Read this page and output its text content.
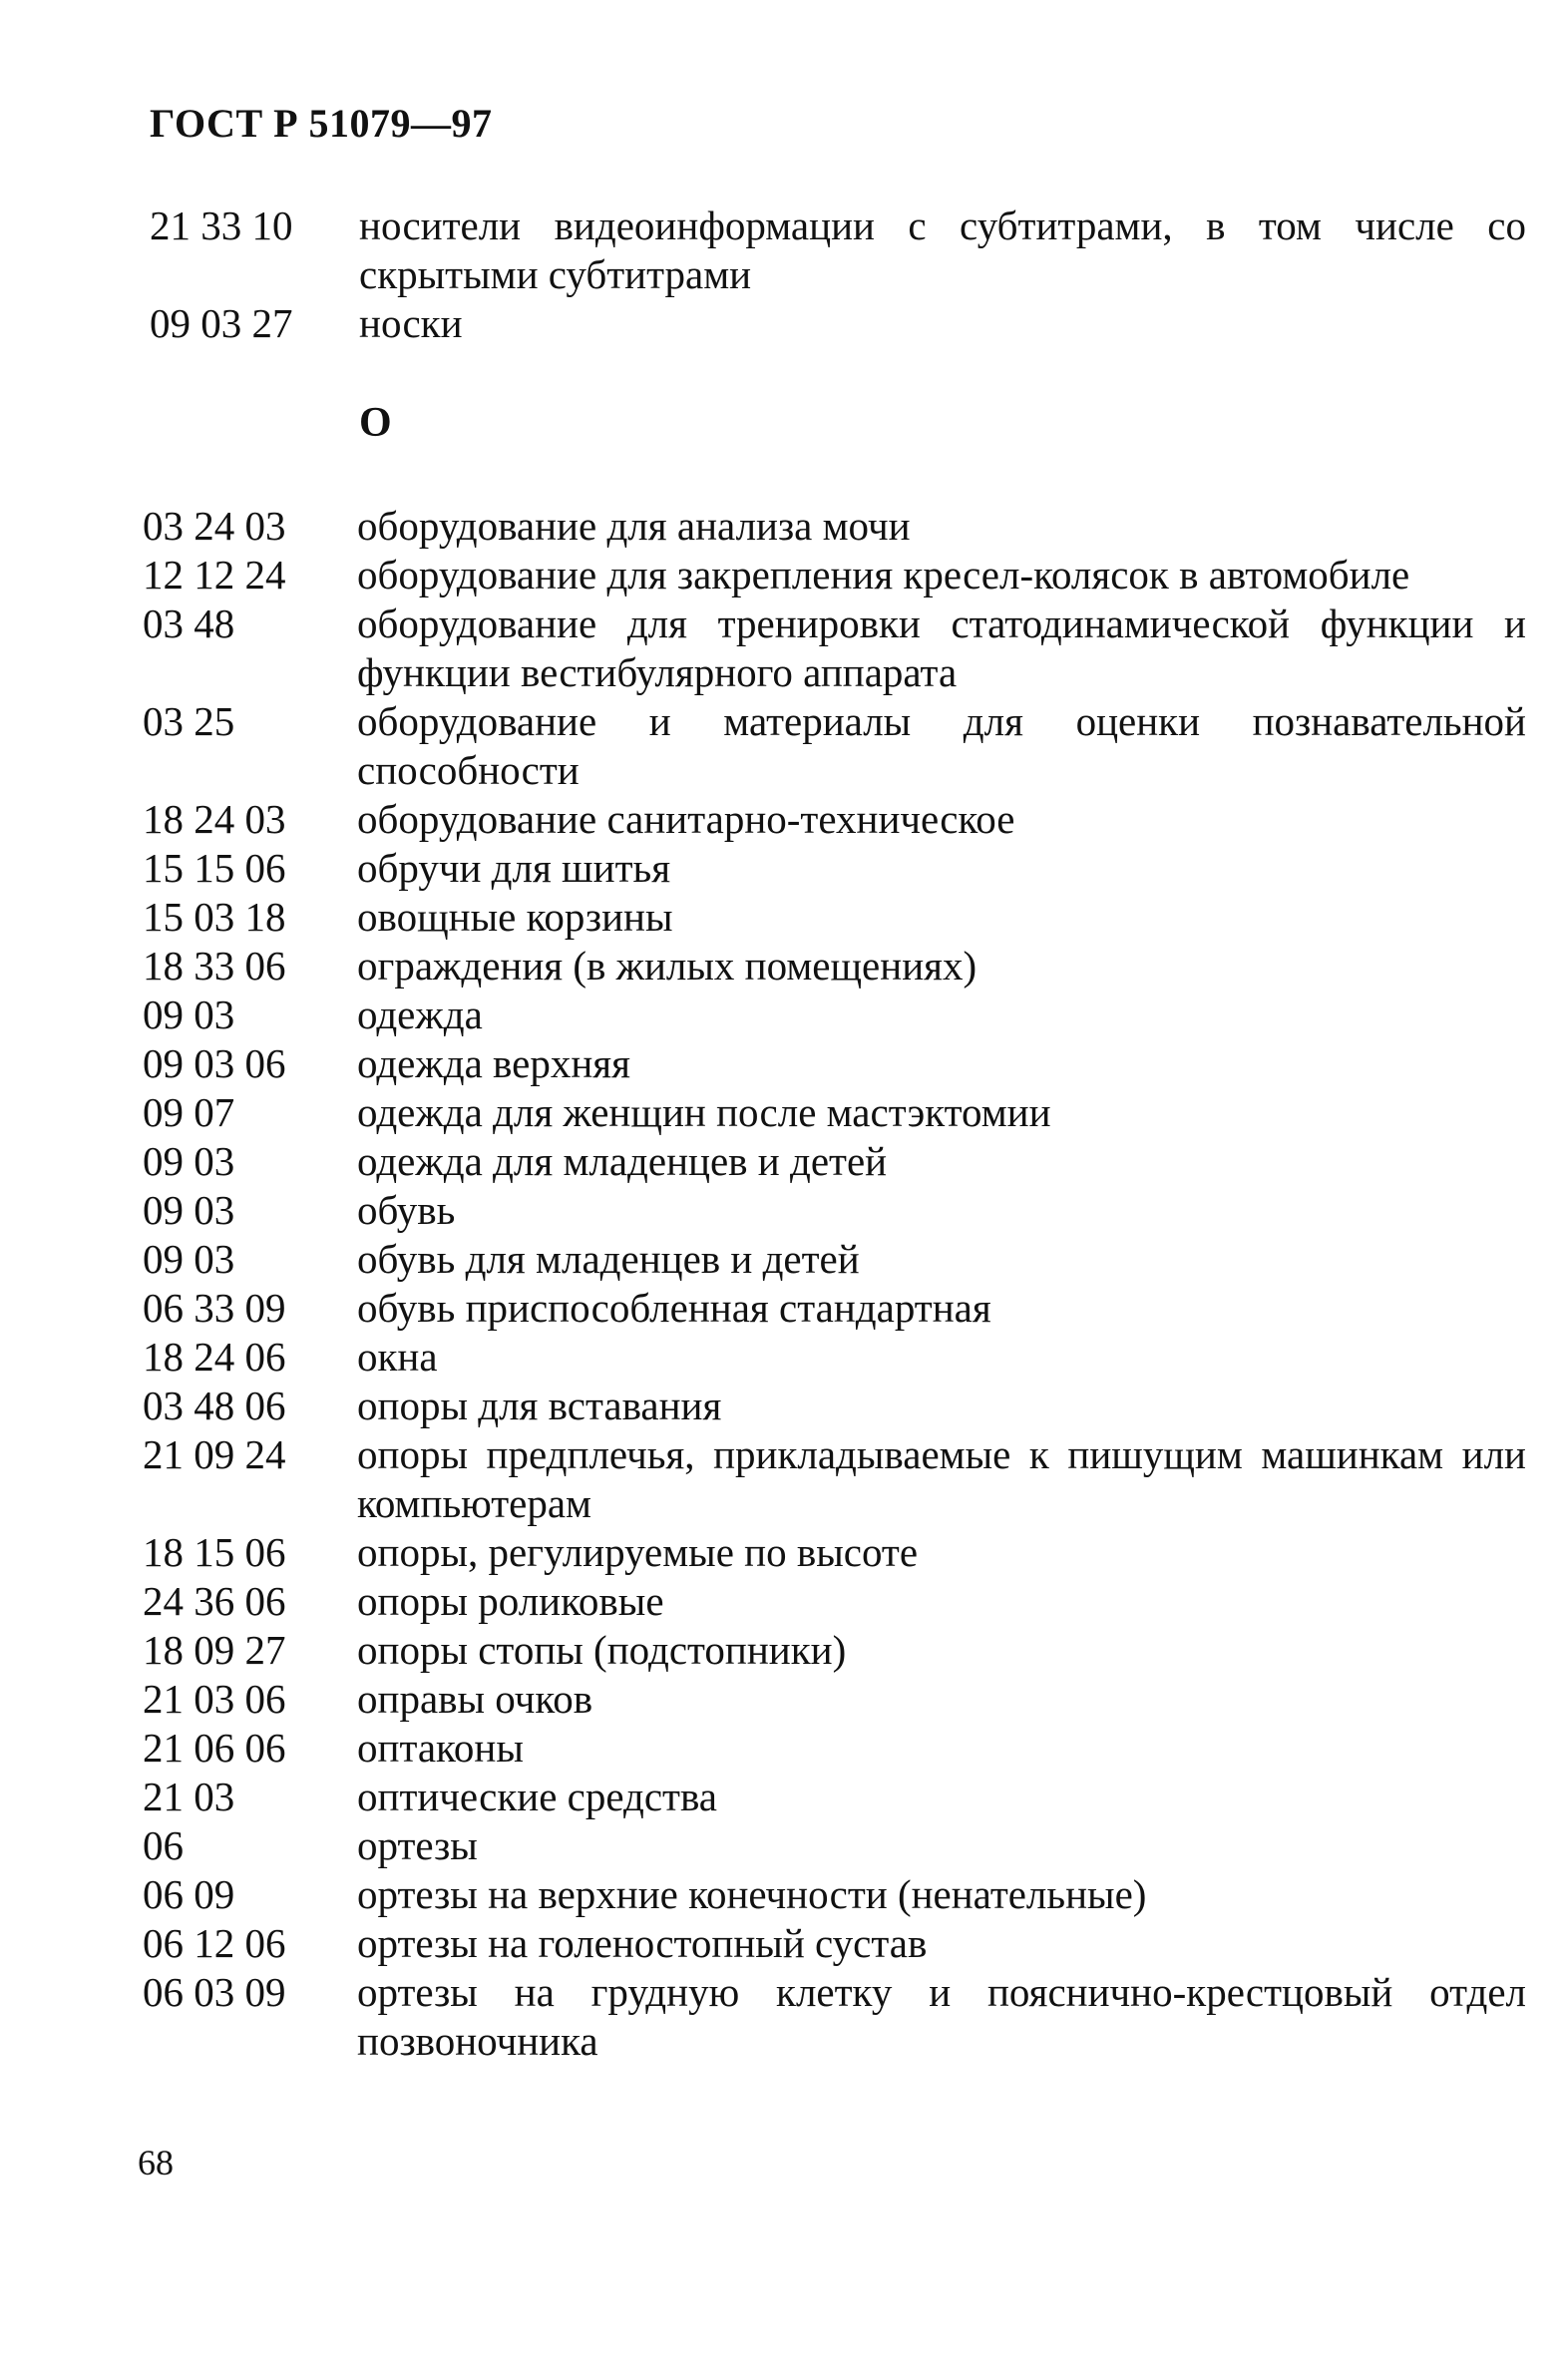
ГОСТ Р 51079—97
21 33 10	носители видеоинформации с субтитрами, в том числе со скрытыми субтитрами
09 03 27	носки
О
03 24 03	оборудование для анализа мочи
12 12 24	оборудование для закрепления кресел-колясок в автомобиле
03 48	оборудование для тренировки статодинамической функции и функции вестибулярного аппарата
03 25	оборудование и материалы для оценки познавательной способности
18 24 03	оборудование санитарно-техническое
15 15 06	обручи для шитья
15 03 18	овощные корзины
18 33 06	ограждения (в жилых помещениях)
09 03	одежда
09 03 06	одежда верхняя
09 07	одежда для женщин после мастэктомии
09 03	одежда для младенцев и детей
09 03	обувь
09 03	обувь для младенцев и детей
06 33 09	обувь приспособленная стандартная
18 24 06	окна
03 48 06	опоры для вставания
21 09 24	опоры предплечья, прикладываемые к пишущим машинкам или компьютерам
18 15 06	опоры, регулируемые по высоте
24 36 06	опоры роликовые
18 09 27	опоры стопы (подстопники)
21 03 06	оправы очков
21 06 06	оптаконы
21 03	оптические средства
06	ортезы
06 09	ортезы на верхние конечности (ненательные)
06 12 06	ортезы на голеностопный сустав
06 03 09	ортезы на грудную клетку и пояснично-крестцовый отдел позвоночника
68
